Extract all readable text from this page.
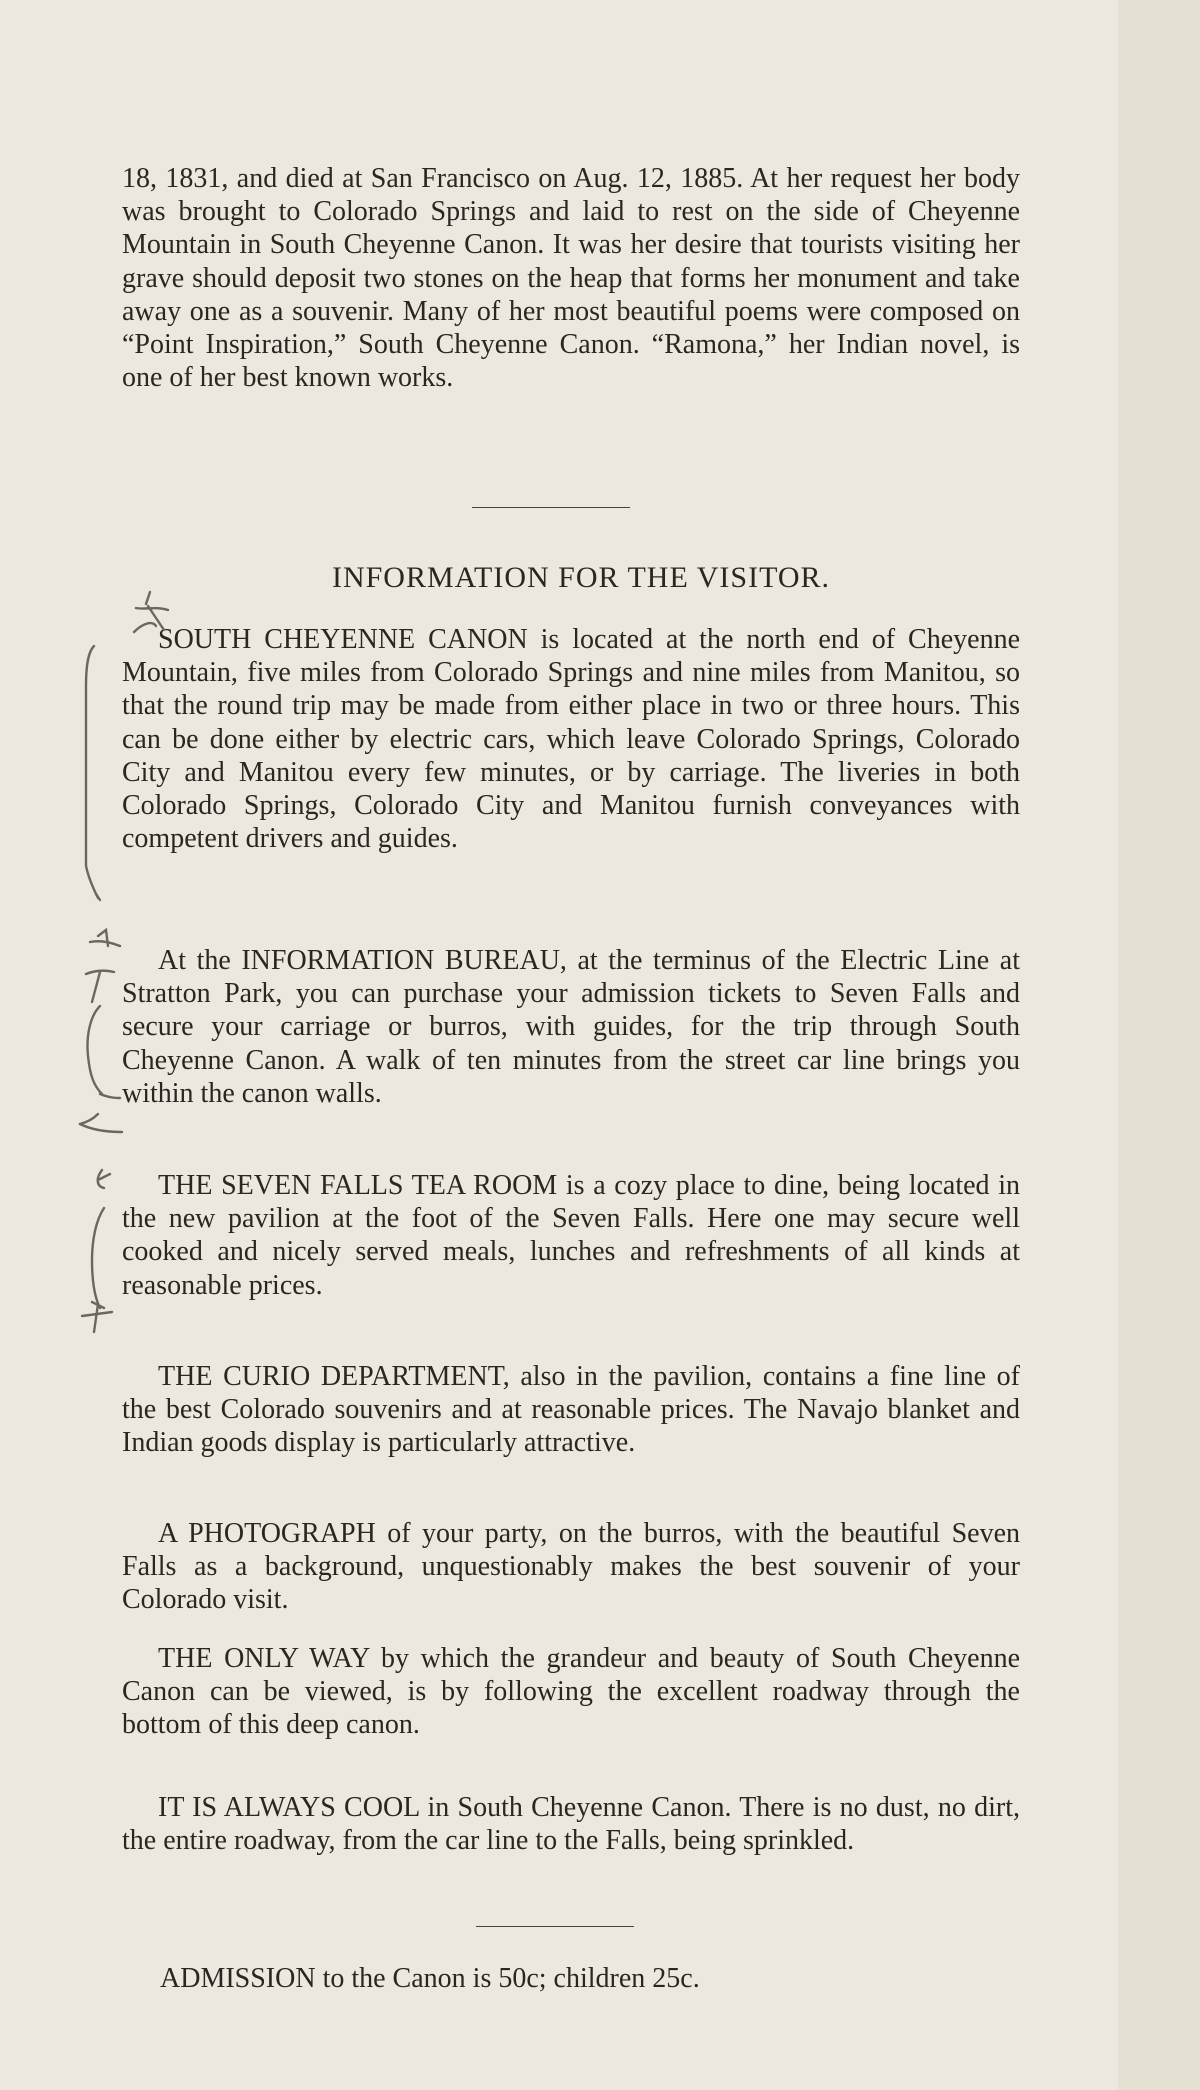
18, 1831, and died at San Francisco on Aug. 12, 1885. At her request her body was brought to Colorado Springs and laid to rest on the side of Cheyenne Mountain in South Cheyenne Canon. It was her desire that tourists visiting her grave should deposit two stones on the heap that forms her monument and take away one as a souvenir. Many of her most beautiful poems were composed on “Point Inspiration,” South Cheyenne Canon. “Ramona,” her Indian novel, is one of her best known works.

INFORMATION FOR THE VISITOR.

SOUTH CHEYENNE CANON is located at the north end of Cheyenne Mountain, five miles from Colorado Springs and nine miles from Manitou, so that the round trip may be made from either place in two or three hours. This can be done either by electric cars, which leave Colorado Springs, Colorado City and Manitou every few minutes, or by carriage. The liveries in both Colorado Springs, Colorado City and Manitou furnish conveyances with competent drivers and guides.

At the INFORMATION BUREAU, at the terminus of the Electric Line at Stratton Park, you can purchase your admission tickets to Seven Falls and secure your carriage or burros, with guides, for the trip through South Cheyenne Canon. A walk of ten minutes from the street car line brings you within the canon walls.

THE SEVEN FALLS TEA ROOM is a cozy place to dine, being located in the new pavilion at the foot of the Seven Falls. Here one may secure well cooked and nicely served meals, lunches and refreshments of all kinds at reasonable prices.

THE CURIO DEPARTMENT, also in the pavilion, contains a fine line of the best Colorado souvenirs and at reasonable prices. The Navajo blanket and Indian goods display is particularly attractive.

A PHOTOGRAPH of your party, on the burros, with the beautiful Seven Falls as a background, unquestionably makes the best souvenir of your Colorado visit.

THE ONLY WAY by which the grandeur and beauty of South Cheyenne Canon can be viewed, is by following the excellent roadway through the bottom of this deep canon.

IT IS ALWAYS COOL in South Cheyenne Canon. There is no dust, no dirt, the entire roadway, from the car line to the Falls, being sprinkled.

ADMISSION to the Canon is 50c; children 25c.
